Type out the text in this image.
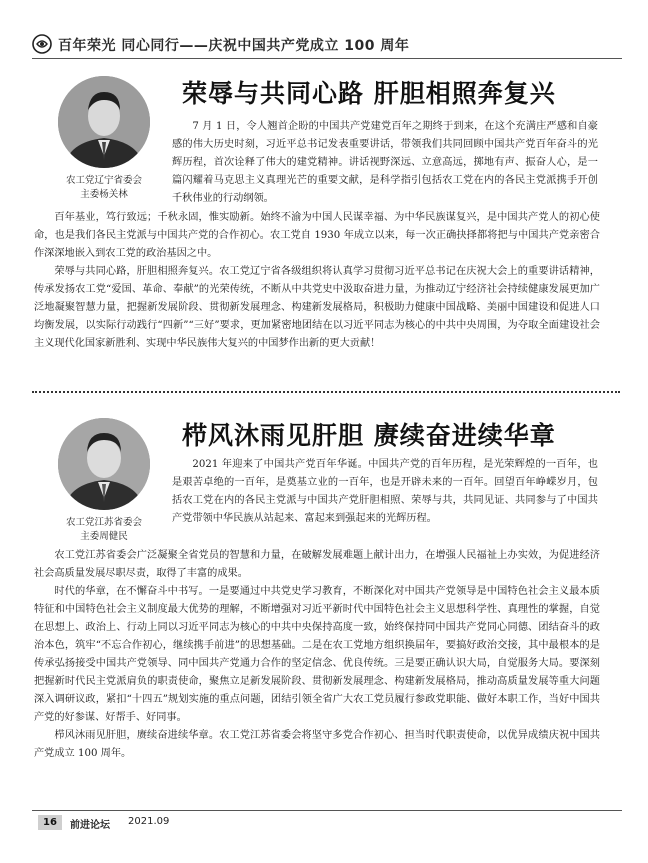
百年荣光 同心同行——庆祝中国共产党成立 100 周年
荣辱与共同心路 肝胆相照奔复兴
农工党辽宁省委会
主委杨关林

7 月 1 日，令人翘首企盼的中国共产党建党百年之期终于到来，在这个充满庄严感和自豪感的伟大历史时刻，习近平总书记发表重要讲话，带领我们共同回顾中国共产党百年奋斗的光辉历程，首次诠释了伟大的建党精神。讲话视野深远、立意高远，掷地有声、振奋人心，是一篇闪耀着马克思主义真理光芒的重要文献，是科学指引包括农工党在内的各民主党派携手开创千秋伟业的行动纲领。

百年基业，笃行致远；千秋永固，惟实励新。始终不渝为中国人民谋幸福、为中华民族谋复兴，是中国共产党人的初心使命，也是我们各民主党派与中国共产党的合作初心。农工党自 1930 年成立以来，每一次正确抉择都将把与中国共产党亲密合作深深地嵌入到农工党的政治基因之中。

荣辱与共同心路，肝胆相照奔复兴。农工党辽宁省各级组织将认真学习贯彻习近平总书记在庆祝大会上的重要讲话精神，传承发扬农工党“爱国、革命、奉献”的光荣传统，不断从中共党史中汲取奋进力量，为推动辽宁经济社会持续健康发展更加广泛地凝聚智慧力量，把握新发展阶段、贯彻新发展理念、构建新发展格局，积极助力健康中国战略、美丽中国建设和促进人口均衡发展，以实际行动践行“四新”“三好”要求，更加紧密地团结在以习近平同志为核心的中共中央周围，为夺取全面建设社会主义现代化国家新胜利、实现中华民族伟大复兴的中国梦作出新的更大贡献！

栉风沐雨见肝胆 赓续奋进续华章
农工党江苏省委会
主委周健民

2021 年迎来了中国共产党百年华诞。中国共产党的百年历程，是光荣辉煌的一百年，也是艰苦卓绝的一百年，是奠基立业的一百年，也是开辟未来的一百年。回望百年峥嵘岁月，包括农工党在内的各民主党派与中国共产党肝胆相照、荣辱与共，共同见证、共同参与了中国共产党带领中华民族从站起来、富起来到强起来的光辉历程。

农工党江苏省委会广泛凝聚全省党员的智慧和力量，在破解发展难题上献计出力，在增强人民福祉上办实效，为促进经济社会高质量发展尽职尽责，取得了丰富的成果。

时代的华章，在不懈奋斗中书写。一是要通过中共党史学习教育，不断深化对中国共产党领导是中国特色社会主义最本质特征和中国特色社会主义制度最大优势的理解，不断增强对习近平新时代中国特色社会主义思想科学性、真理性的掌握，自觉在思想上、政治上、行动上同以习近平同志为核心的中共中央保持高度一致，始终保持同中国共产党同心同德、团结奋斗的政治本色，筑牢“不忘合作初心，继续携手前进”的思想基础。二是在农工党地方组织换届年，要搞好政治交接，其中最根本的是传承弘扬接受中国共产党领导、同中国共产党通力合作的坚定信念、优良传统。三是要正确认识大局，自觉服务大局。要深刻把握新时代民主党派肩负的职责使命，聚焦立足新发展阶段、贯彻新发展理念、构建新发展格局，推动高质量发展等重大问题深入调研议政，紧扣“十四五”规划实施的重点问题，团结引领全省广大农工党员履行参政党职能、做好本职工作，当好中国共产党的好参谋、好帮手、好同事。

栉风沐雨见肝胆，赓续奋进续华章。农工党江苏省委会将坚守多党合作初心、担当时代职责使命，以优异成绩庆祝中国共产党成立 100 周年。

16	前进论坛 2021.09
